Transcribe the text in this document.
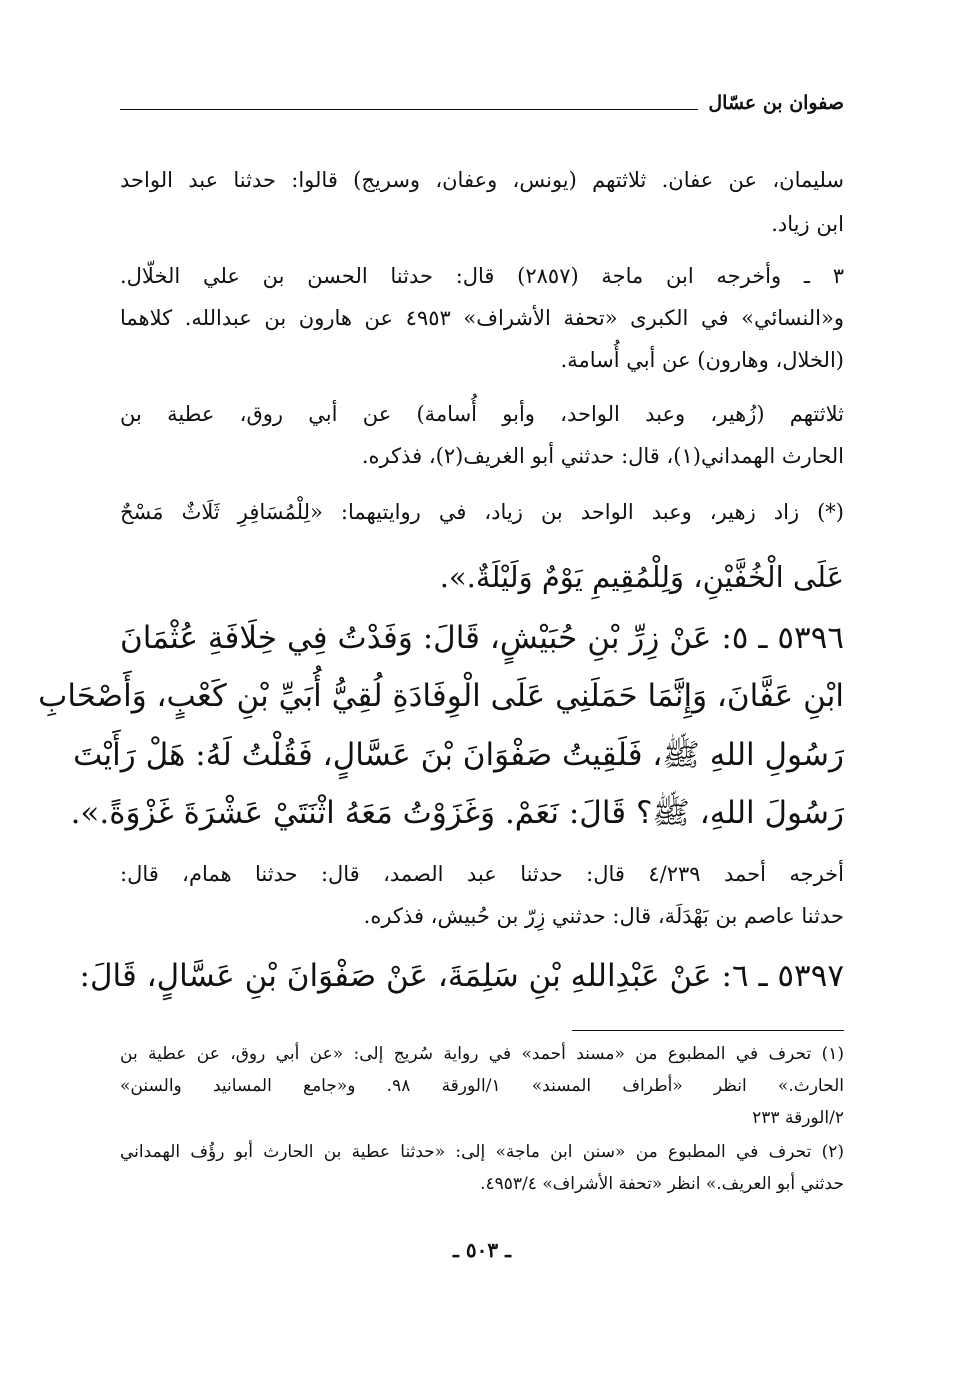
صفوان بن عسّال
سليمان، عن عفان. ثلاثتهم (يونس، وعفان، وسريج) قالوا: حدثنا عبد الواحد
ابن زياد.
٣ ـ وأخرجه ابن ماجة (٢٨٥٧) قال: حدثنا الحسن بن علي الخلّال.
و«النسائي» في الكبرى «تحفة الأشراف» ٤٩٥٣ عن هارون بن عبدالله. كلاهما
(الخلال، وهارون) عن أبي أُسامة.
ثلاثتهم (زُهير، وعبد الواحد، وأبو أُسامة) عن أبي روق، عطية بن
الحارث الهمداني(١)، قال: حدثني أبو الغريف(٢)، فذكره.
(*) زاد زهير، وعبد الواحد بن زياد، في روايتيهما: «لِلْمُسَافِرِ ثَلَاثٌ مَسْحٌ
عَلَى الْخُفَّيْنِ، وَلِلْمُقِيمِ يَوْمٌ وَلَيْلَةٌ.».
٥٣٩٦ ـ ٥: عَنْ زِرِّ بْنِ حُبَيْشٍ، قَالَ: وَفَدْتُ فِي خِلَافَةِ عُثْمَانَ
ابْنِ عَفَّانَ، وَإِنَّمَا حَمَلَنِي عَلَى الْوِفَادَةِ لُقِيُّ أُبَيِّ بْنِ كَعْبٍ، وَأَصْحَابِ
رَسُولِ اللهِ ﷺ، فَلَقِيتُ صَفْوَانَ بْنَ عَسَّالٍ، فَقُلْتُ لَهُ: هَلْ رَأَيْتَ
رَسُولَ اللهِ، ﷺ؟ قَالَ: نَعَمْ. وَغَزَوْتُ مَعَهُ اثْنَتَيْ عَشْرَةَ غَزْوَةً.».
أخرجه أحمد ٤/٢٣٩ قال: حدثنا عبد الصمد، قال: حدثنا همام، قال:
حدثنا عاصم بن بَهْدَلَة، قال: حدثني زِرّ بن حُبيش، فذكره.
٥٣٩٧ ـ ٦: عَنْ عَبْدِاللهِ بْنِ سَلِمَةَ، عَنْ صَفْوَانَ بْنِ عَسَّالٍ، قَالَ:
(١) تحرف في المطبوع من «مسند أحمد» في رواية سُريج إلى: «عن أبي روق، عن عطية بن
الحارث.» انظر «أطراف المسند» ١/الورقة ٩٨. و«جامع المسانيد والسنن»
٢/الورقة ٢٣٣
(٢) تحرف في المطبوع من «سنن ابن ماجة» إلى: «حدثنا عطية بن الحارث أبو رؤُف الهمداني
حدثني أبو العريف.» انظر «تحفة الأشراف» ٤٩٥٣/٤.
ـ ٥٠٣ ـ
